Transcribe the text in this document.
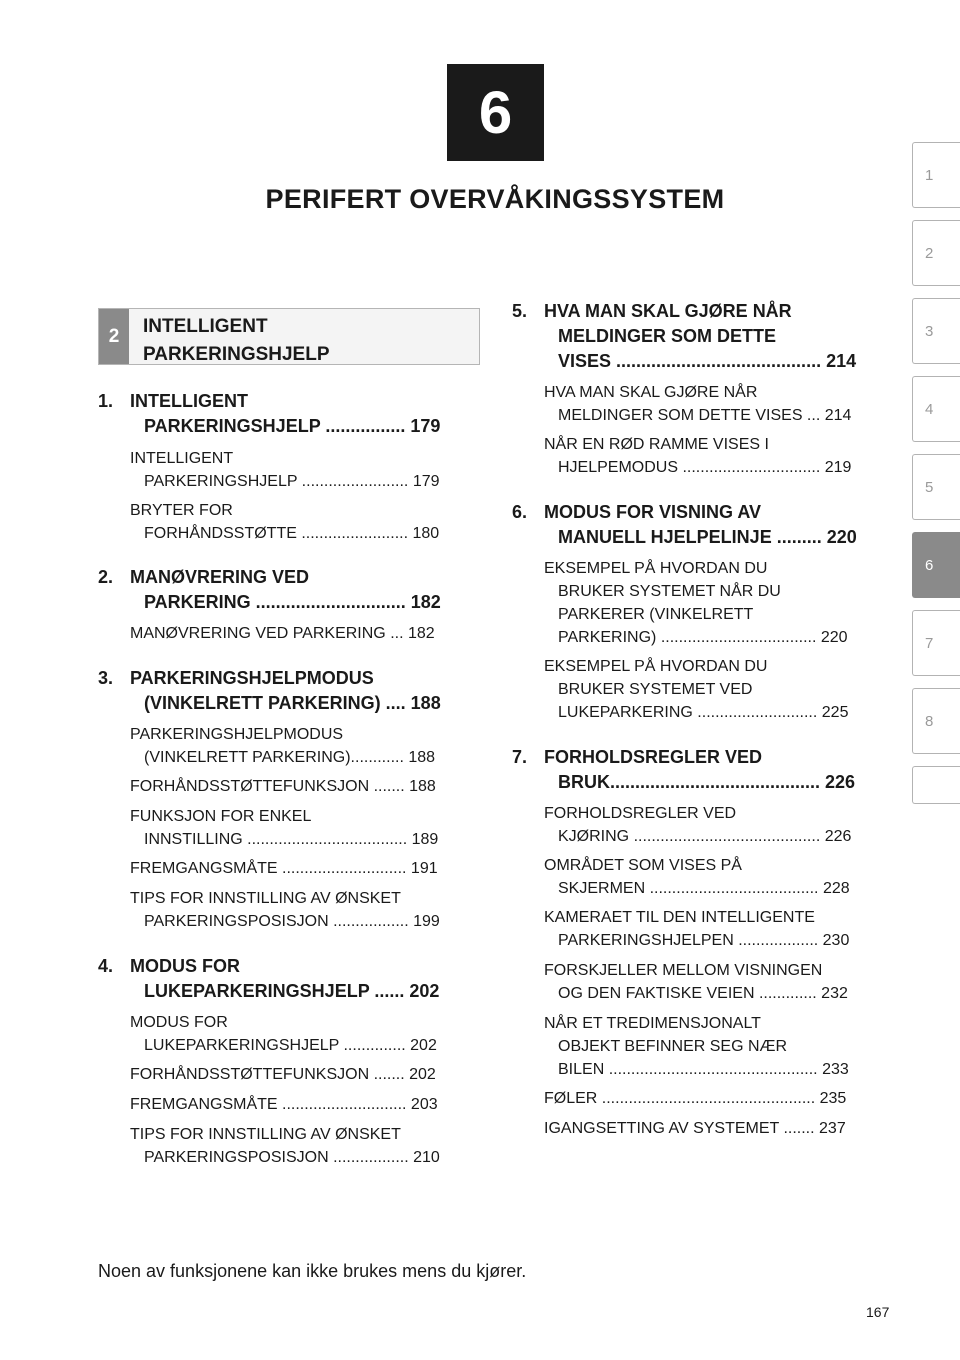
6
PERIFERT OVERVÅKINGSSYSTEM
1
2
3
4
5
6
7
8
2	INTELLIGENT
PARKERINGSHJELP
1. INTELLIGENT
PARKERINGSHJELP ................ 179
INTELLIGENT
PARKERINGSHJELP ........................ 179
BRYTER FOR
FORHÅNDSSTØTTE ........................ 180
2. MANØVRERING VED
PARKERING .............................. 182
MANØVRERING VED PARKERING ... 182
3. PARKERINGSHJELPMODUS
(VINKELRETT PARKERING) .... 188
PARKERINGSHJELPMODUS
(VINKELRETT PARKERING)............ 188
FORHÅNDSSTØTTEFUNKSJON ....... 188
FUNKSJON FOR ENKEL
INNSTILLING .................................... 189
FREMGANGSMÅTE ............................ 191
TIPS FOR INNSTILLING AV ØNSKET
PARKERINGSPOSISJON ................. 199
4. MODUS FOR
LUKEPARKERINGSHJELP ...... 202
MODUS FOR
LUKEPARKERINGSHJELP .............. 202
FORHÅNDSSTØTTEFUNKSJON ....... 202
FREMGANGSMÅTE ............................ 203
TIPS FOR INNSTILLING AV ØNSKET
PARKERINGSPOSISJON ................. 210
5. HVA MAN SKAL GJØRE NÅR
MELDINGER SOM DETTE
VISES ......................................... 214
HVA MAN SKAL GJØRE NÅR
MELDINGER SOM DETTE VISES ... 214
NÅR EN RØD RAMME VISES I
HJELPEMODUS ............................... 219
6. MODUS FOR VISNING AV
MANUELL HJELPELINJE ......... 220
EKSEMPEL PÅ HVORDAN DU
BRUKER SYSTEMET NÅR DU
PARKERER (VINKELRETT
PARKERING) ................................... 220
EKSEMPEL PÅ HVORDAN DU
BRUKER SYSTEMET VED
LUKEPARKERING ........................... 225
7. FORHOLDSREGLER VED
BRUK.......................................... 226
FORHOLDSREGLER VED
KJØRING .......................................... 226
OMRÅDET SOM VISES PÅ
SKJERMEN ...................................... 228
KAMERAET TIL DEN INTELLIGENTE
PARKERINGSHJELPEN .................. 230
FORSKJELLER MELLOM VISNINGEN
OG DEN FAKTISKE VEIEN ............. 232
NÅR ET TREDIMENSJONALT
OBJEKT BEFINNER SEG NÆR
BILEN ............................................... 233
FØLER ................................................ 235
IGANGSETTING AV SYSTEMET ....... 237
Noen av funksjonene kan ikke brukes mens du kjører.
167
